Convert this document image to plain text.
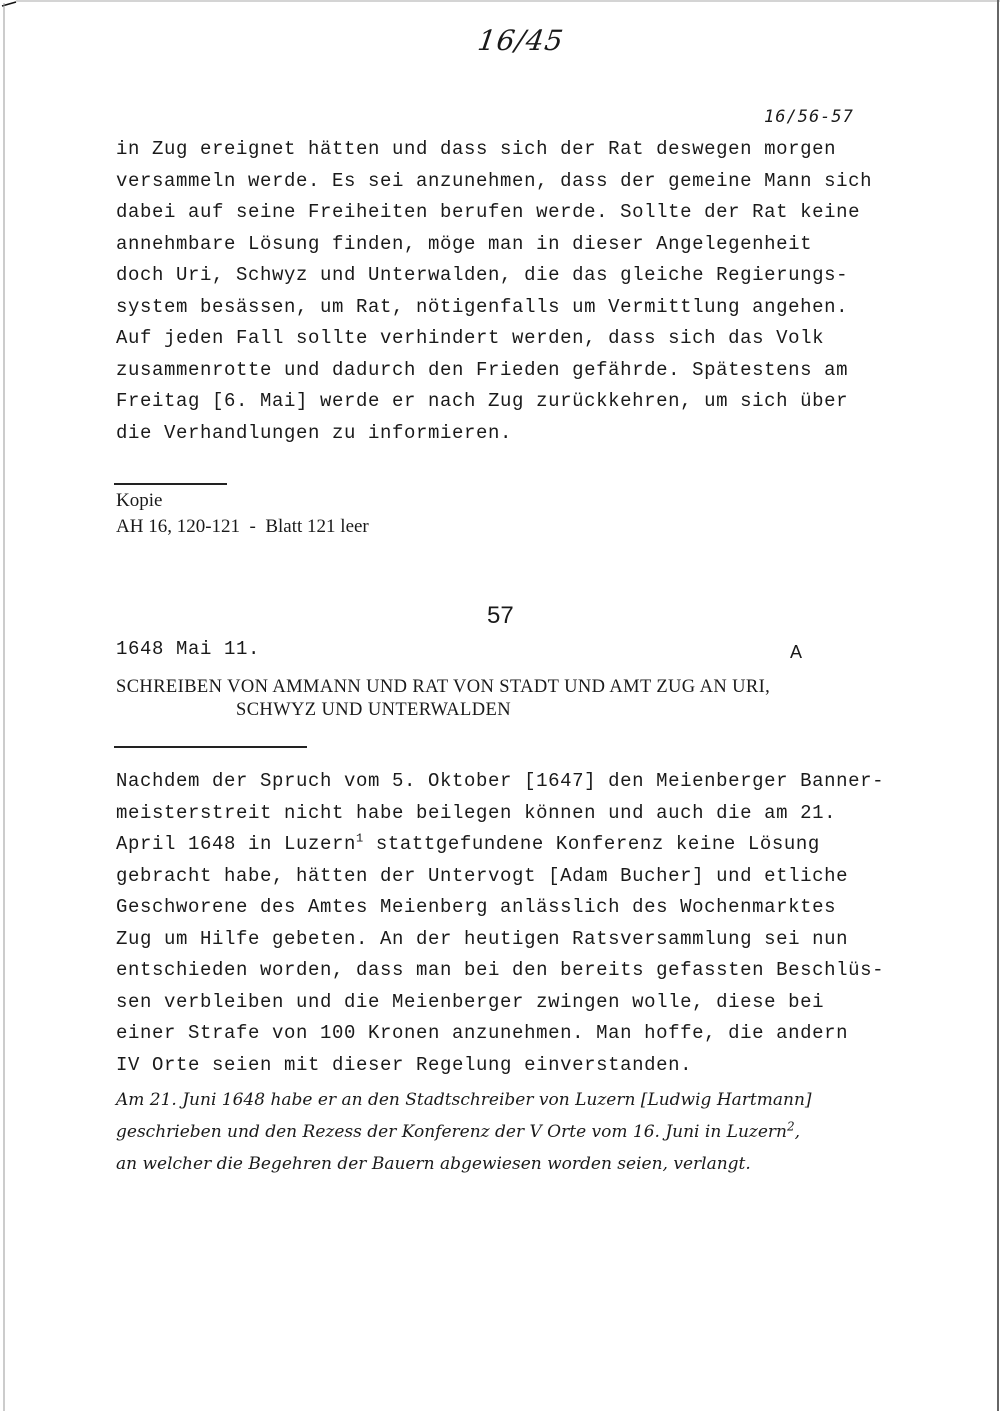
16/45
16/56-57
in Zug ereignet hätten und dass sich der Rat deswegen morgen
versammeln werde. Es sei anzunehmen, dass der gemeine Mann sich
dabei auf seine Freiheiten berufen werde. Sollte der Rat keine
annehmbare Lösung finden, möge man in dieser Angelegenheit
doch Uri, Schwyz und Unterwalden, die das gleiche Regierungs-
system besässen, um Rat, nötigenfalls um Vermittlung angehen.
Auf jeden Fall sollte verhindert werden, dass sich das Volk
zusammenrotte und dadurch den Frieden gefährde. Spätestens am
Freitag [6. Mai] werde er nach Zug zurückkehren, um sich über
die Verhandlungen zu informieren.
Kopie
AH 16, 120-121  -  Blatt 121 leer
57
1648 Mai 11.	A
SCHREIBEN VON AMMANN UND RAT VON STADT UND AMT ZUG AN URI,
SCHWYZ UND UNTERWALDEN
Nachdem der Spruch vom 5. Oktober [1647] den Meienberger Banner-
meisterstreit nicht habe beilegen können und auch die am 21.
April 1648 in Luzern$^1$ stattgefundene Konferenz keine Lösung
gebracht habe, hätten der Untervogt [Adam Bucher] und etliche
Geschworene des Amtes Meienberg anlässlich des Wochenmarktes
Zug um Hilfe gebeten. An der heutigen Ratsversammlung sei nun
entschieden worden, dass man bei den bereits gefassten Beschlüs-
sen verbleiben und die Meienberger zwingen wolle, diese bei
einer Strafe von 100 Kronen anzunehmen. Man hoffe, die andern
IV Orte seien mit dieser Regelung einverstanden.
Am 21. Juni 1648 habe er an den Stadtschreiber von Luzern [Ludwig Hartmann]
geschrieben und den Rezess der Konferenz der V Orte vom 16. Juni in Luzern$^2$,
an welcher die Begehren der Bauern abgewiesen worden seien, verlangt.
